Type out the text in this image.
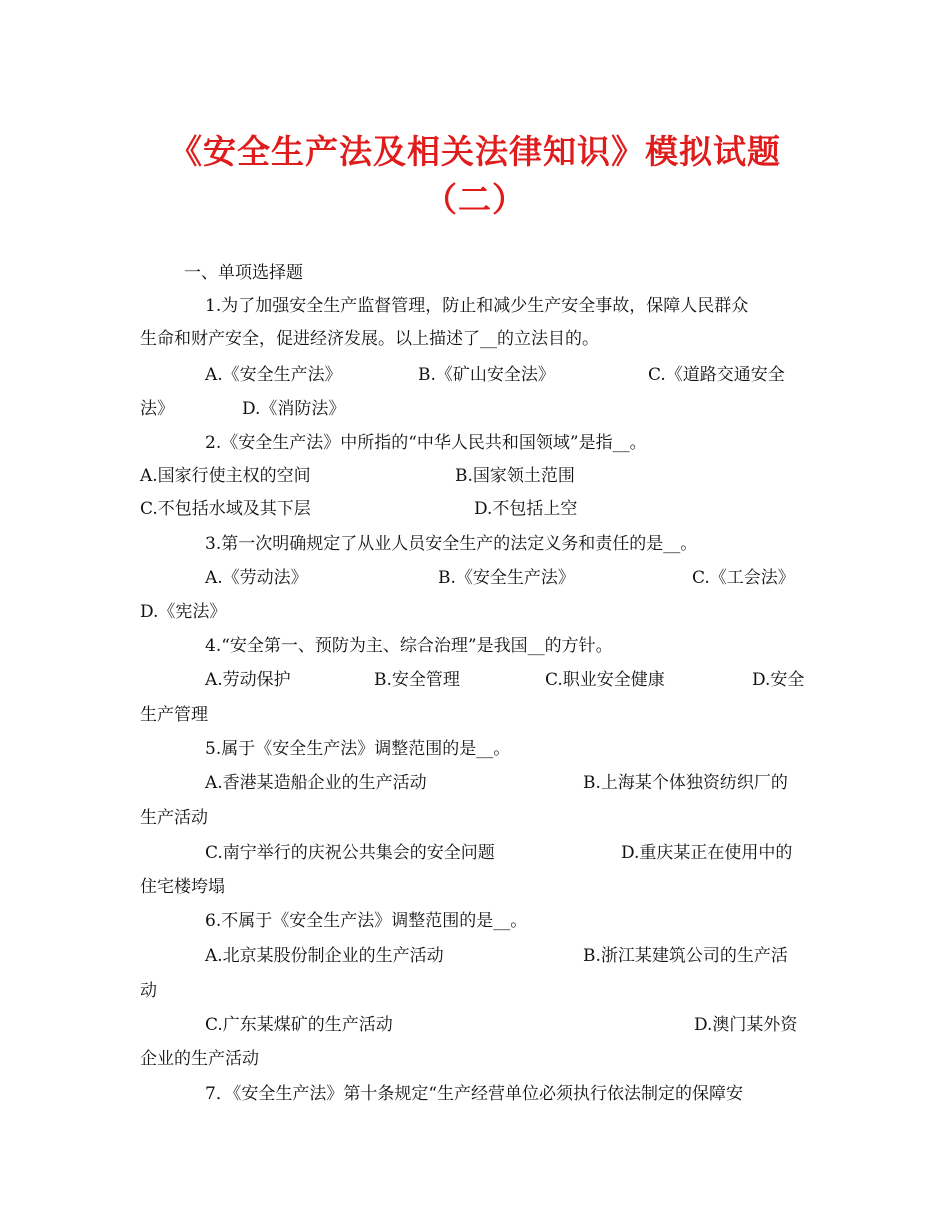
《安全生产法及相关法律知识》模拟试题
（二）
一、单项选择题
1.为了加强安全生产监督管理，防止和减少生产安全事故，保障人民群众
生命和财产安全，促进经济发展。以上描述了__的立法目的。
A.《安全生产法》	B.《矿山安全法》	C.《道路交通安全
法》	D.《消防法》
2.《安全生产法》中所指的“中华人民共和国领域”是指__。
A.国家行使主权的空间	B.国家领土范围
C.不包括水域及其下层	D.不包括上空
3.第一次明确规定了从业人员安全生产的法定义务和责任的是__。
A.《劳动法》	B.《安全生产法》	C.《工会法》
D.《宪法》
4.“安全第一、预防为主、综合治理”是我国__的方针。
A.劳动保护	B.安全管理	C.职业安全健康	D.安全
生产管理
5.属于《安全生产法》调整范围的是__。
A.香港某造船企业的生产活动	B.上海某个体独资纺织厂的
生产活动
C.南宁举行的庆祝公共集会的安全问题	D.重庆某正在使用中的
住宅楼垮塌
6.不属于《安全生产法》调整范围的是__。
A.北京某股份制企业的生产活动	B.浙江某建筑公司的生产活
动
C.广东某煤矿的生产活动	D.澳门某外资
企业的生产活动
7．《安全生产法》第十条规定“生产经营单位必须执行依法制定的保障安
